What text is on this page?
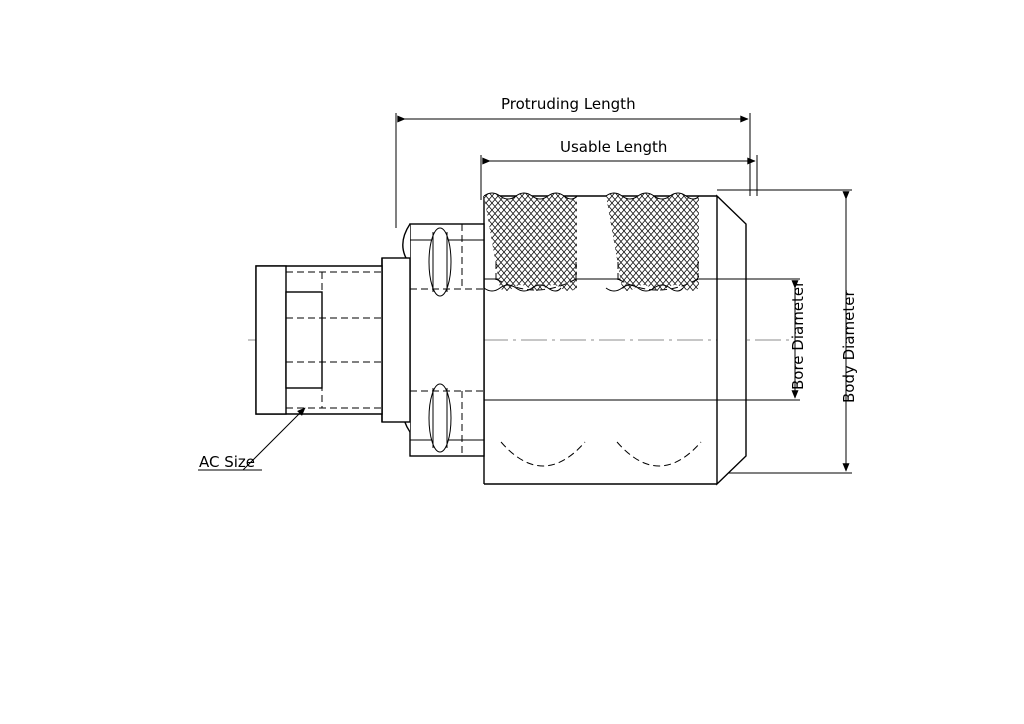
Protruding Length
Usable Length
Bore Diameter Body Diameter
AC Size
